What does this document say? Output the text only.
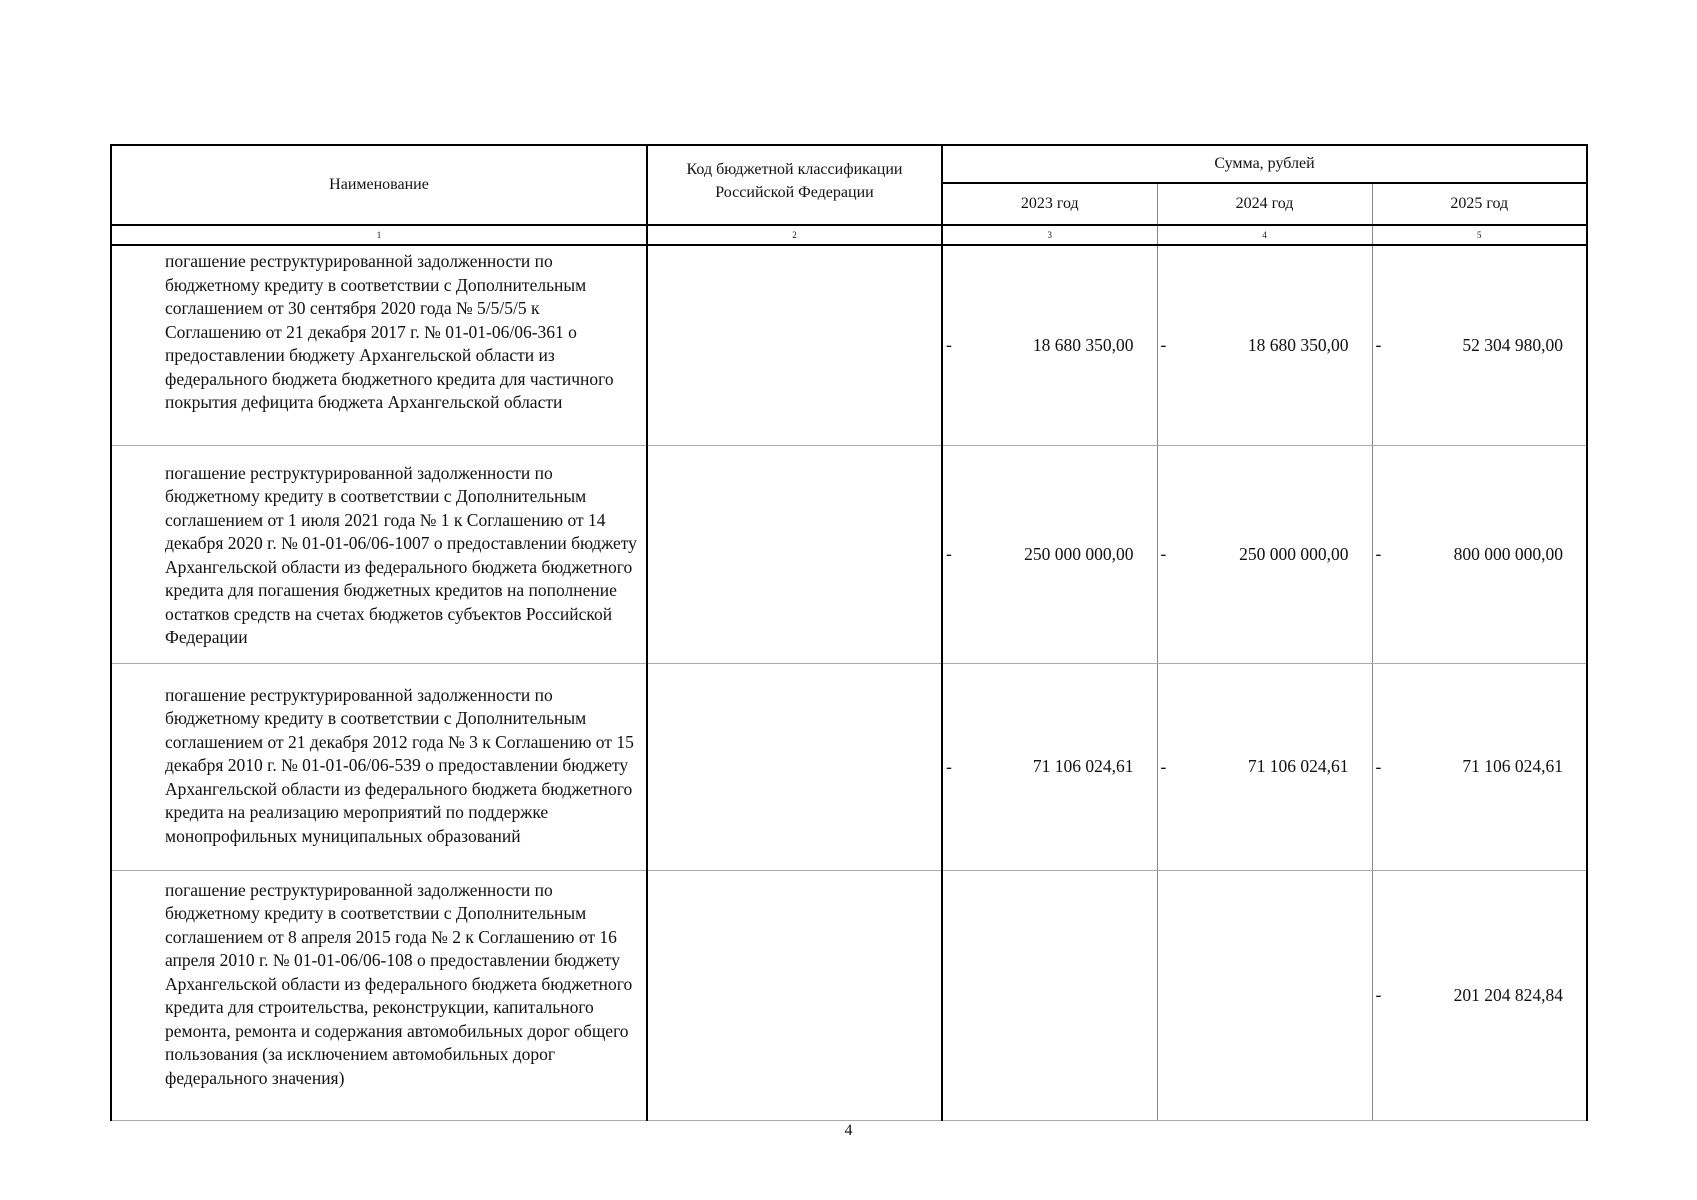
Наименование	Код бюджетной классификации Российской Федерации	Сумма, рублей		
		2023 год	2024 год	2025 год
1	2	3	4	5
погашение реструктурированной задолженности по бюджетному кредиту в соответствии с Дополнительным соглашением от 30 сентября 2020 года № 5/5/5/5 к Соглашению от 21 декабря 2017 г. № 01-01-06/06-361 о предоставлении бюджету Архангельской области из федерального бюджета бюджетного кредита для частичного покрытия дефицита бюджета Архангельской области		- 18 680 350,00	- 18 680 350,00	- 52 304 980,00

погашение реструктурированной задолженности по бюджетному кредиту в соответствии с Дополнительным соглашением от 1 июля 2021 года № 1 к Соглашению от 14 декабря 2020 г. № 01-01-06/06-1007 о предоставлении бюджету Архангельской области из федерального бюджета бюджетного кредита для погашения бюджетных кредитов на пополнение остатков средств на счетах бюджетов субъектов Российской Федерации		- 250 000 000,00	- 250 000 000,00	- 800 000 000,00

погашение реструктурированной задолженности по бюджетному кредиту в соответствии с Дополнительным соглашением от 21 декабря 2012 года № 3 к Соглашению от 15 декабря 2010 г. № 01-01-06/06-539 о предоставлении бюджету Архангельской области из федерального бюджета бюджетного кредита на реализацию мероприятий по поддержке монопрофильных муниципальных образований		- 71 106 024,61	- 71 106 024,61	- 71 106 024,61

погашение реструктурированной задолженности по бюджетному кредиту в соответствии с Дополнительным соглашением от 8 апреля 2015 года № 2 к Соглашению от 16 апреля 2010 г. № 01-01-06/06-108 о предоставлении бюджету Архангельской области из федерального бюджета бюджетного кредита для строительства, реконструкции, капитального ремонта, ремонта и содержания автомобильных дорог общего пользования (за исключением автомобильных дорог федерального значения)				- 201 204 824,84
4
